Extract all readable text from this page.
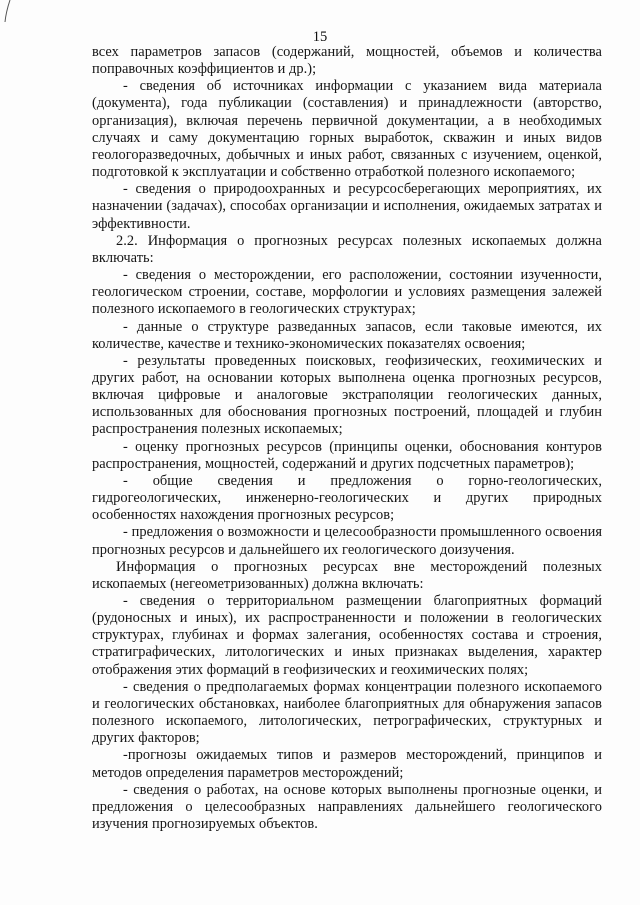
15

всех параметров запасов (содержаний, мощностей, объемов и количества поправочных коэффициентов и др.);

- сведения об источниках информации с указанием вида материала (документа), года публикации (составления) и принадлежности (авторство, организация), включая перечень первичной документации, а в необходимых случаях и саму документацию горных выработок, скважин и иных видов геологоразведочных, добычных и иных работ, связанных с изучением, оценкой, подготовкой к эксплуатации и собственно отработкой полезного ископаемого;

- сведения о природоохранных и ресурсосберегающих мероприятиях, их назначении (задачах), способах организации и исполнения, ожидаемых затратах и эффективности.

2.2. Информация о прогнозных ресурсах полезных ископаемых должна включать:

- сведения о месторождении, его расположении, состоянии изученности, геологическом строении, составе, морфологии и условиях размещения залежей полезного ископаемого в геологических структурах;

- данные о структуре разведанных запасов, если таковые имеются, их количестве, качестве и технико-экономических показателях освоения;

- результаты проведенных поисковых, геофизических, геохимических и других работ, на основании которых выполнена оценка прогнозных ресурсов, включая цифровые и аналоговые экстраполяции геологических данных, использованных для обоснования прогнозных построений, площадей и глубин распространения полезных ископаемых;

- оценку прогнозных ресурсов (принципы оценки, обоснования контуров распространения, мощностей, содержаний и других подсчетных параметров);

- общие сведения и предложения о горно-геологических, гидрогеологических, инженерно-геологических и других природных особенностях нахождения прогнозных ресурсов;

- предложения о возможности и целесообразности промышленного освоения прогнозных ресурсов и дальнейшего их геологического доизучения.

Информация о прогнозных ресурсах вне месторождений полезных ископаемых (негеометризованных) должна включать:

- сведения о территориальном размещении благоприятных формаций (рудоносных и иных), их распространенности и положении в геологических структурах, глубинах и формах залегания, особенностях состава и строения, стратиграфических, литологических и иных признаках выделения, характер отображения этих формаций в геофизических и геохимических полях;

- сведения о предполагаемых формах концентрации полезного ископаемого и геологических обстановках, наиболее благоприятных для обнаружения запасов полезного ископаемого, литологических, петрографических, структурных и других факторов;

-прогнозы ожидаемых типов и размеров месторождений, принципов и методов определения параметров месторождений;

- сведения о работах, на основе которых выполнены прогнозные оценки, и предложения о целесообразных направлениях дальнейшего геологического изучения прогнозируемых объектов.
